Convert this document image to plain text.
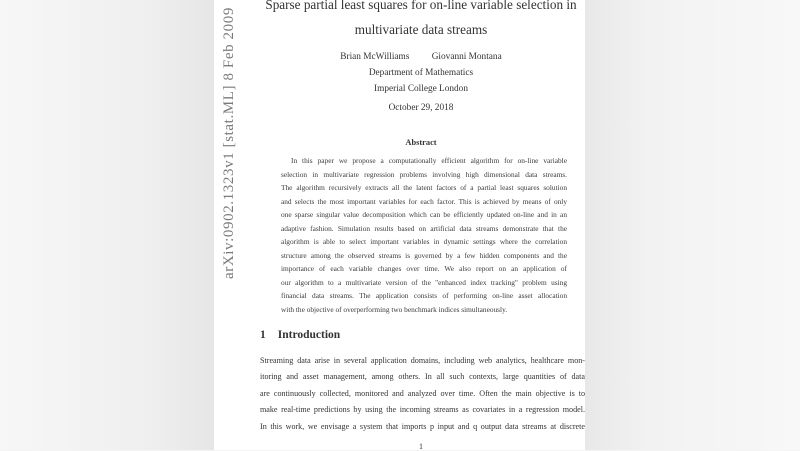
arXiv:0902.1323v1 [stat.ML] 8 Feb 2009
Sparse partial least squares for on-line variable selection in
multivariate data streams
Brian McWilliams Giovanni Montana
Department of Mathematics
Imperial College London
October 29, 2018
Abstract
In this paper we propose a computationally efficient algorithm for on-line variable
selection in multivariate regression problems involving high dimensional data streams.
The algorithm recursively extracts all the latent factors of a partial least squares solution
and selects the most important variables for each factor. This is achieved by means of only
one sparse singular value decomposition which can be efficiently updated on-line and in an
adaptive fashion. Simulation results based on artificial data streams demonstrate that the
algorithm is able to select important variables in dynamic settings where the correlation
structure among the observed streams is governed by a few hidden components and the
importance of each variable changes over time. We also report on an application of
our algorithm to a multivariate version of the "enhanced index tracking" problem using
financial data streams. The application consists of performing on-line asset allocation
with the objective of overperforming two benchmark indices simultaneously.
1 Introduction
Streaming data arise in several application domains, including web analytics, healthcare mon-
itoring and asset management, among others. In all such contexts, large quantities of data
are continuously collected, monitored and analyzed over time. Often the main objective is to
make real-time predictions by using the incoming streams as covariates in a regression model.
In this work, we envisage a system that imports p input and q output data streams at discrete
1
